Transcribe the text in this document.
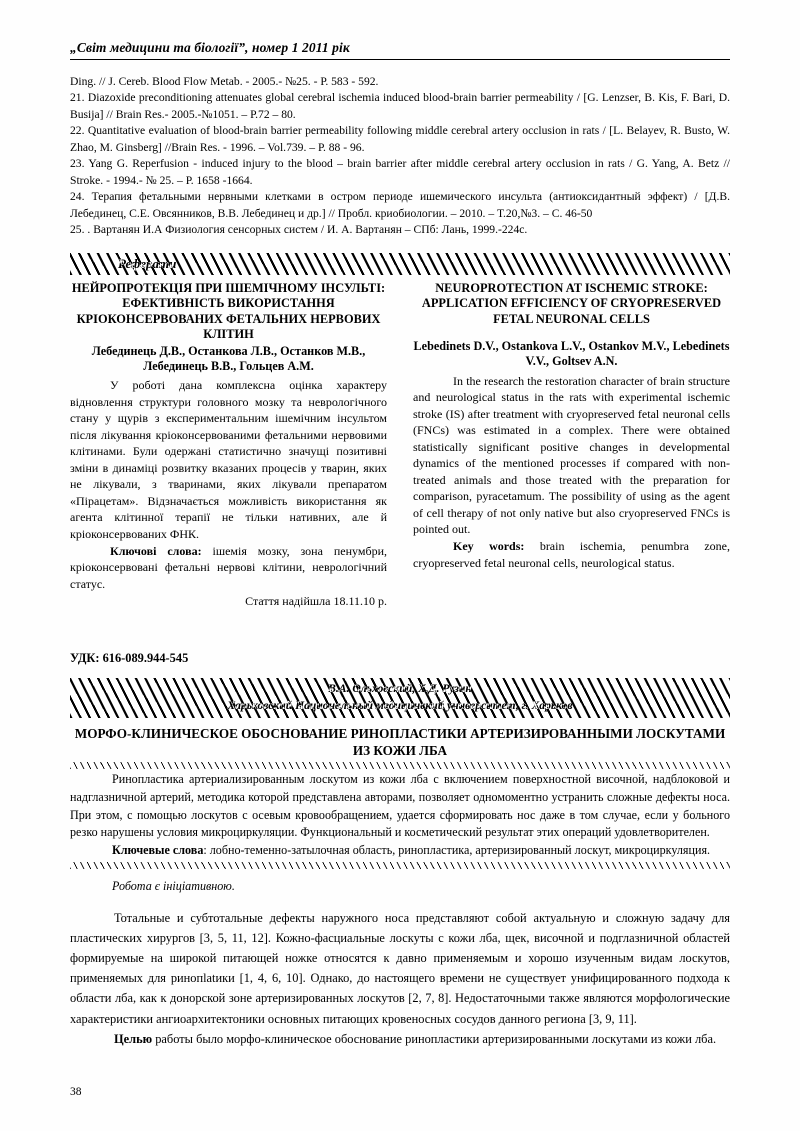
„Світ медицини та біології”, номер 1 2011 рік

Ding. // J. Cereb. Blood Flow Metab. - 2005.- №25. - Р. 583 - 592.

21. Diazoxide preconditioning attenuates global cerebral ischemia induced blood-brain barrier permeability / [G. Lenzser, B. Kis, F. Bari, D. Busija] // Brain Res.- 2005.-№1051. – Р.72 – 80.

22. Quantitative evaluation of blood-brain barrier permeability following middle cerebral artery occlusion in rats / [L. Belayev, R. Busto, W. Zhao, M. Ginsberg] //Brain Res. - 1996. – Vol.739. – Р. 88 - 96.

23. Yang G. Reperfusion - induced injury to the blood – brain barrier after middle cerebral artery occlusion in rats / G. Yang, A. Betz // Stroke. - 1994.- № 25. – Р. 1658 -1664.

24. Терапия фетальными нервными клетками в остром периоде ишемического инсульта (антиоксидантный эффект) / [Д.В. Лебединец, С.Е. Овсянников, В.В. Лебединец и др.] // Пробл. криобиологии. – 2010. – Т.20,№3. – С. 46-50

25. . Вартанян И.А Физиология сенсорных систем / И. А. Вартанян – СПб: Лань, 1999.-224с.

Реферати
НЕЙРОПРОТЕКЦІЯ ПРИ ІШЕМІЧНОМУ ІНСУЛЬТІ: ЕФЕКТИВНІСТЬ ВИКОРИСТАННЯ КРІОКОНСЕРВОВАНИХ ФЕТАЛЬНИХ НЕРВОВИХ КЛІТИН
Лебединець Д.В., Останкова Л.В., Останков М.В., Лебединець В.В., Гольцев А.М.

У роботі дана комплексна оцінка характеру відновлення структури головного мозку та неврологічного стану у щурів з експериментальним ішемічним інсультом після лікування кріоконсервованими фетальними нервовими клітинами. Були одержані статистично значущі позитивні зміни в динаміці розвитку вказаних процесів у тварин, яких не лікували, з тваринами, яких лікували препаратом «Пірацетам». Відзначається можливість використання як агента клітинної терапії не тільки нативних, але й кріоконсервованих ФНК.

Ключові слова: ішемія мозку, зона пенумбри, кріоконсервовані фетальні нервові клітини, неврологічний статус.

Стаття надійшла 18.11.10 р.
NEUROPROTECTION AT ISCHEMIC STROKE: APPLICATION EFFICIENCY OF CRYOPRESERVED FETAL NEURONAL CELLS
Lebedinets D.V., Ostankova L.V., Ostankov M.V., Lebedinets V.V., Goltsev A.N.

In the research the restoration character of brain structure and neurological status in the rats with experimental ischemic stroke (IS) after treatment with cryopreserved fetal neuronal cells (FNCs) was estimated in a complex. There were obtained statistically significant positive changes in developmental dynamics of the mentioned processes if compared with non-treated animals and those treated with the preparation for comparison, pyracetamum. The possibility of using as the agent of cell therapy of not only native but also cryopreserved FNCs is pointed out.

Key words: brain ischemia, penumbra zone, cryopreserved fetal neuronal cells, neurological status.

УДК: 616-089.944-545
В.А. Ольховский, Х.Д. Рузин
Харьковский Национальный медицинский университет, г. Харьков
МОРФО-КЛИНИЧЕСКОЕ ОБОСНОВАНИЕ РИНОПЛАСТИКИ АРТЕРИЗИРОВАННЫМИ ЛОСКУТАМИ ИЗ КОЖИ ЛБА

Ринопластика артериализированным лоскутом из кожи лба с включением поверхностной височной, надблоковой и надглазничной артерий, методика которой представлена авторами, позволяет одномоментно устранить сложные дефекты носа. При этом, с помощью лоскутов с осевым кровообращением, удается сформировать нос даже в том случае, если у больного резко нарушены условия микроциркуляции. Функциональный и косметический результат этих операций удовлетворителен.

Ключевые слова: лобно-теменно-затылочная область, ринопластика, артеризированный лоскут, микроциркуляция.

Робота є ініціативною.

Тотальные и субтотальные дефекты наружного носа представляют собой актуальную и сложную задачу для пластических хирургов [3, 5, 11, 12]. Кожно-фасциальные лоскуты с кожи лба, щек, височной и подглазничной областей формируемые на широкой питающей ножке относятся к давно применяемым и хорошо изученным видам лоскутов, применяемых для ринопlatики [1, 4, 6, 10]. Однако, до настоящего времени не существует унифицированного подхода к области лба, как к донорской зоне артеризированных лоскутов [2, 7, 8]. Недостаточными также являются морфологические характеристики ангиоархитектоники основных питающих кровеносных сосудов данного региона [3, 9, 11].

Целью работы было морфо-клиническое обоснование ринопластики артеризированными лоскутами из кожи лба.

38
